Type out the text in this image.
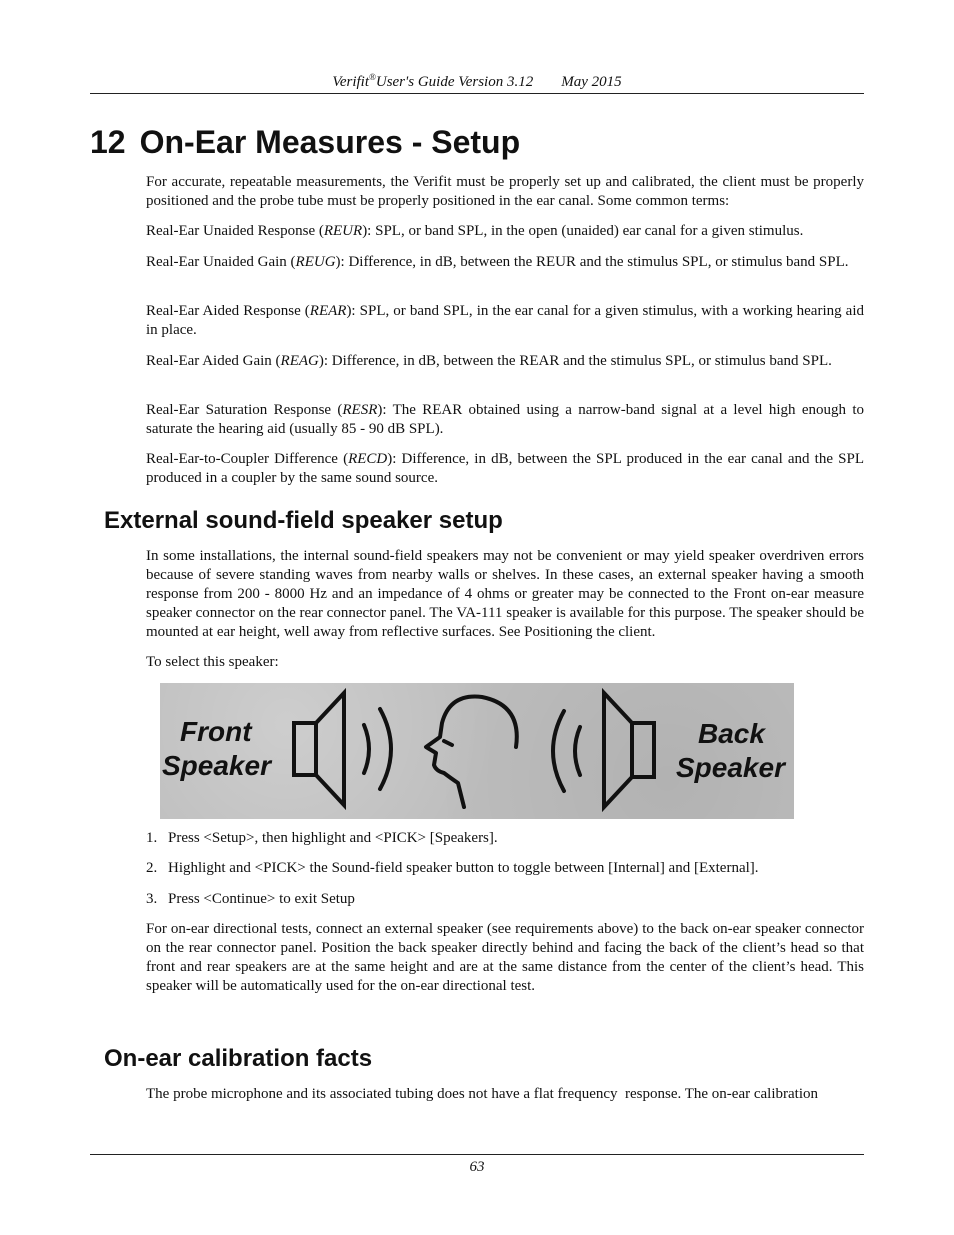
Verifit®User's Guide Version 3.12 May 2015
12 On-Ear Measures - Setup

For accurate, repeatable measurements, the Verifit must be properly set up and calibrated, the client must be properly positioned and the probe tube must be properly positioned in the ear canal. Some common terms:

Real-Ear Unaided Response (REUR): SPL, or band SPL, in the open (unaided) ear canal for a given stimulus.

Real-Ear Unaided Gain (REUG): Difference, in dB, between the REUR and the stimulus SPL, or stimulus band SPL.

Real-Ear Aided Response (REAR): SPL, or band SPL, in the ear canal for a given stimulus, with a working hearing aid in place.

Real-Ear Aided Gain (REAG): Difference, in dB, between the REAR and the stimulus SPL, or stimulus band SPL.

Real-Ear Saturation Response (RESR): The REAR obtained using a narrow-band signal at a level high enough to saturate the hearing aid (usually 85 - 90 dB SPL).

Real-Ear-to-Coupler Difference (RECD): Difference, in dB, between the SPL produced in the ear canal and the SPL produced in a coupler by the same sound source.

External sound-field speaker setup

In some installations, the internal sound-field speakers may not be convenient or may yield speaker overdriven errors because of severe standing waves from nearby walls or shelves. In these cases, an external speaker having a smooth response from 200 - 8000 Hz and an impedance of 4 ohms or greater may be connected to the Front on-ear measure speaker connector on the rear connector panel. The VA-111 speaker is available for this purpose. The speaker should be mounted at ear height, well away from reflective surfaces. See Positioning the client.

To select this speaker:

Front
Speaker
Back
Speaker

1. Press <Setup>, then highlight and <PICK> [Speakers].

2. Highlight and <PICK> the Sound-field speaker button to toggle between [Internal] and [External].

3. Press <Continue> to exit Setup

For on-ear directional tests, connect an external speaker (see requirements above) to the back on-ear speaker connector on the rear connector panel. Position the back speaker directly behind and facing the back of the client’s head so that front and rear speakers are at the same height and are at the same distance from the center of the client’s head. This speaker will be automatically used for the on-ear directional test.

On-ear calibration facts

The probe microphone and its associated tubing does not have a flat frequency  response. The on-ear calibration

63
